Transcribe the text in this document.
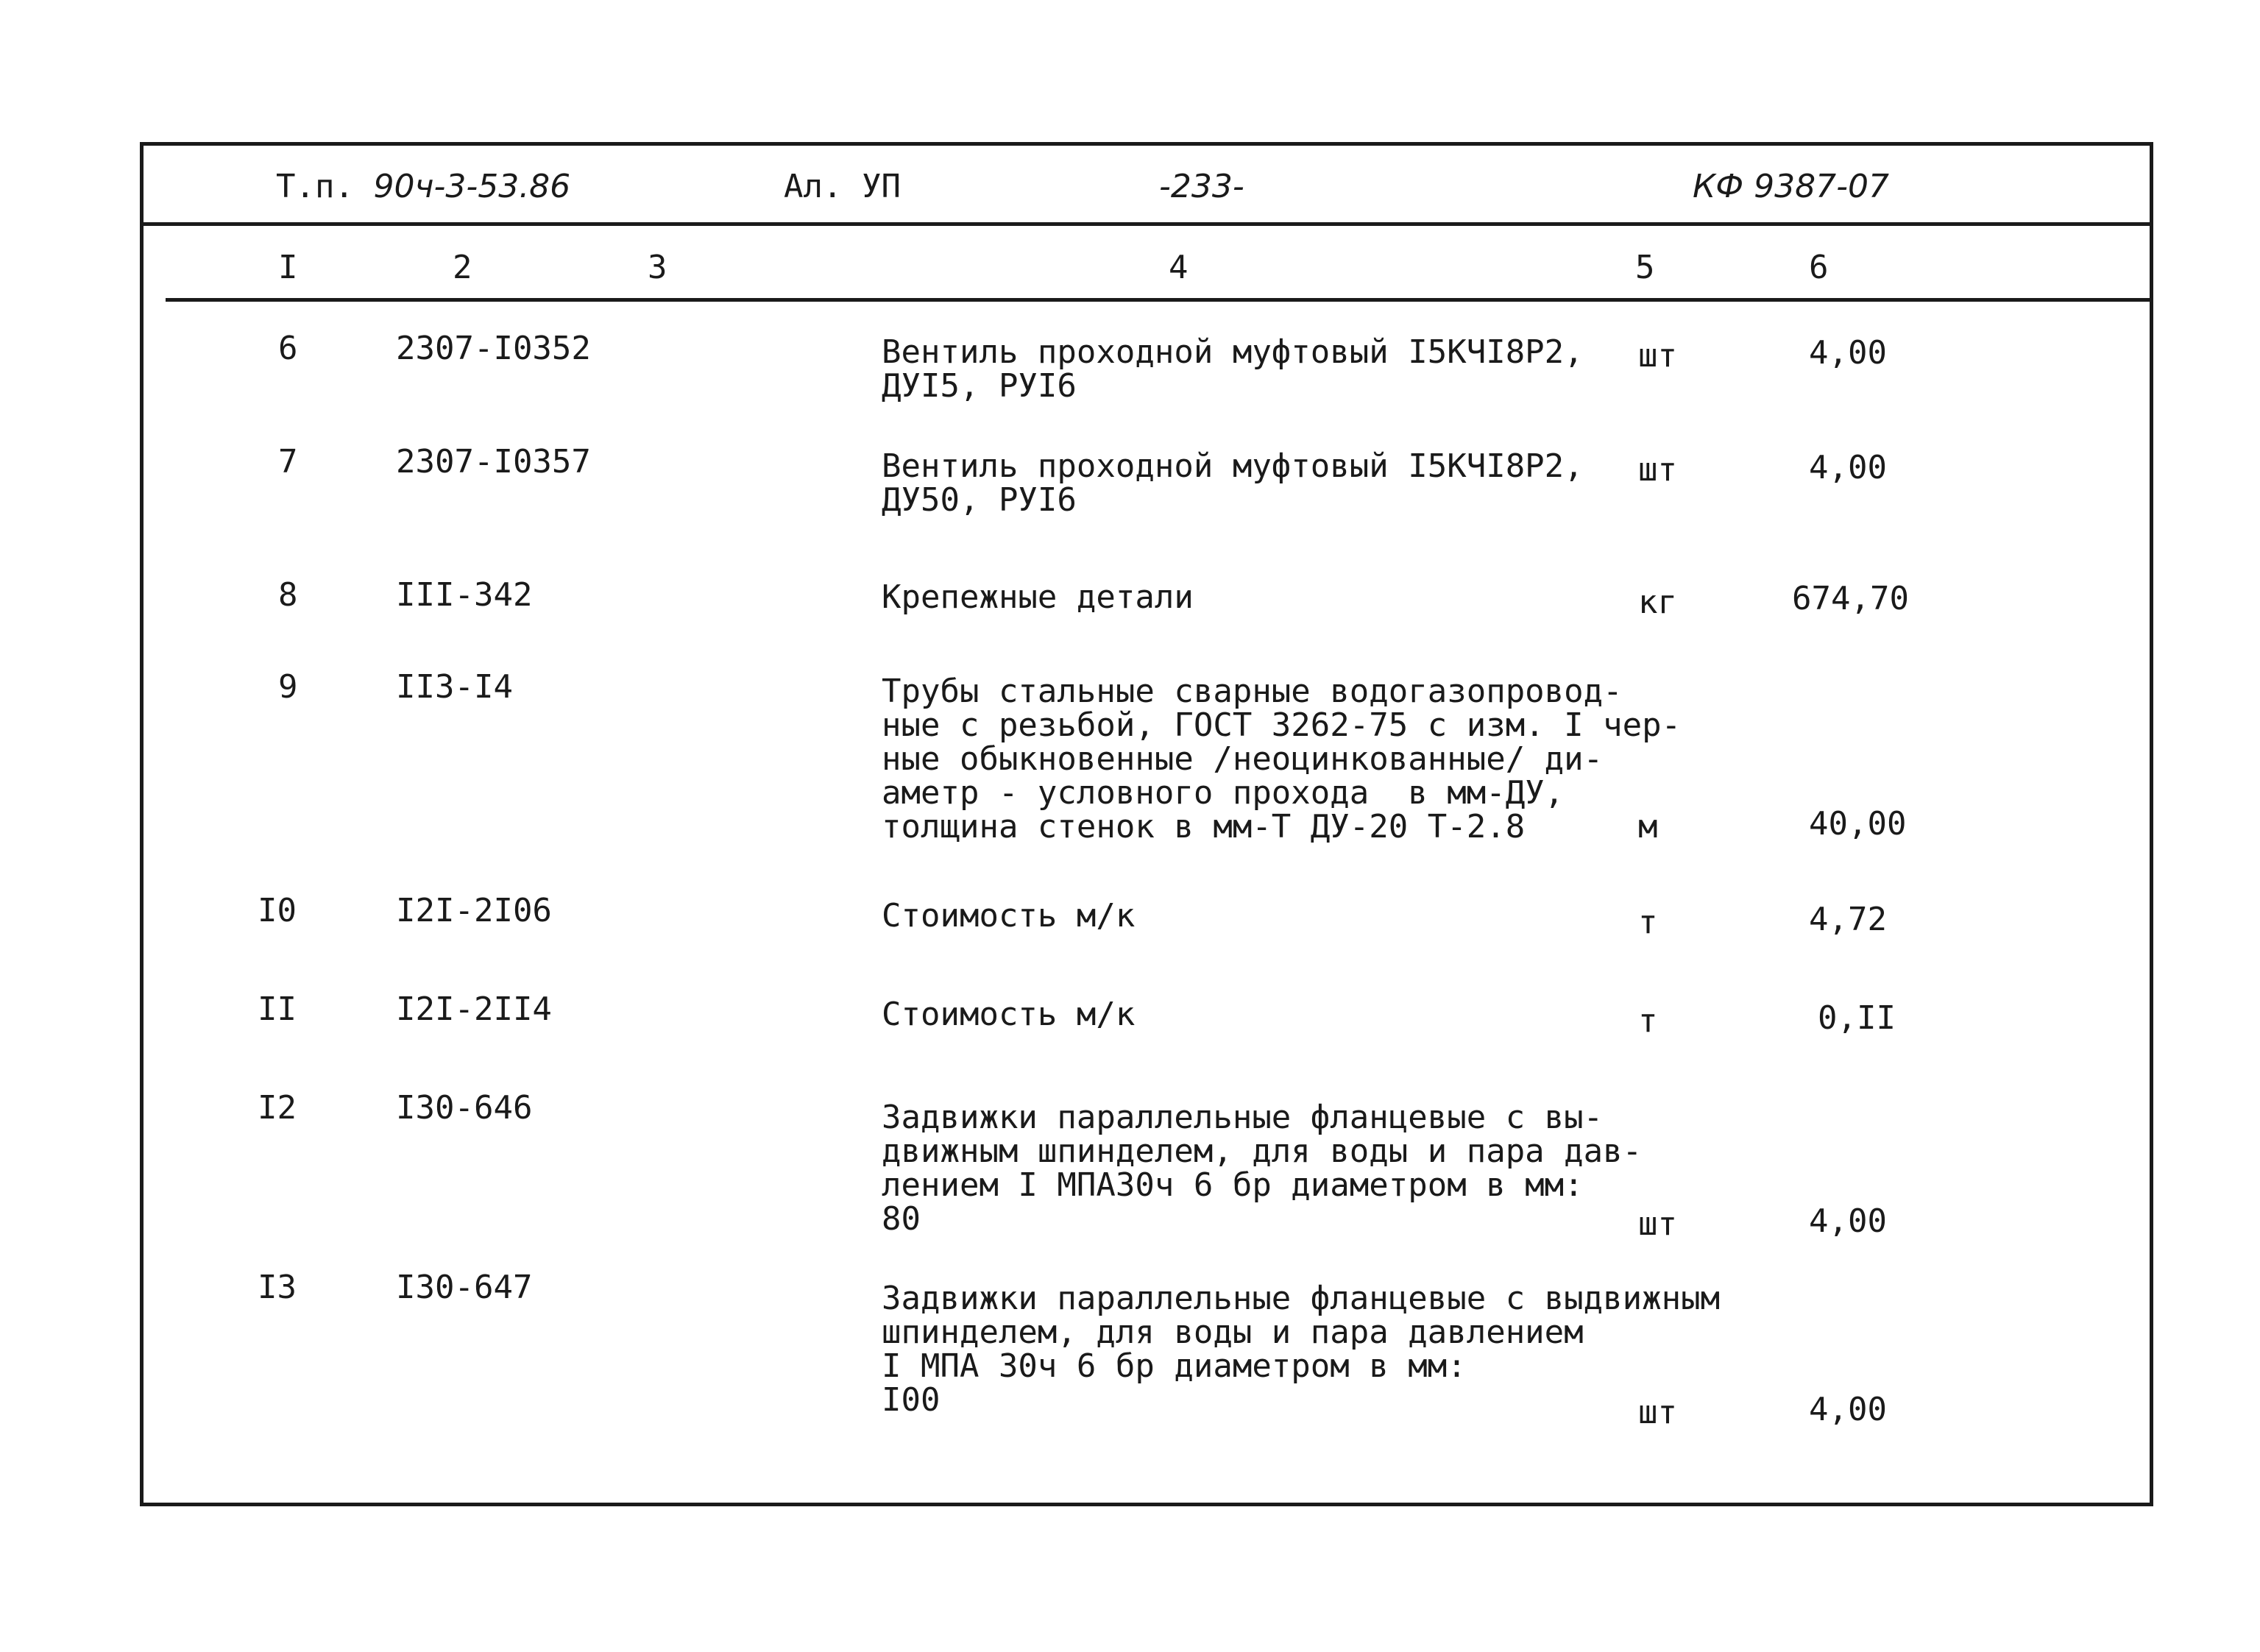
Т.п. 90ч-3-53.86	Ал. УП	-233-	КФ 9387-07
I	2	3	4	5	6
6	2307-I0352	Вентиль проходной муфтовый I5КЧI8Р2,
ДУI5, РУI6
шт	4,00
7	2307-I0357	Вентиль проходной муфтовый I5КЧI8Р2,
ДУ50, РУI6
шт	4,00
8	III-342	Крепежные детали	кг	674,70
9	II3-I4	Трубы стальные сварные водогазопровод-
ные с резьбой, ГОСТ 3262-75 с изм. I чер-
ные обыкновенные /неоцинкованные/ ди-
аметр - условного прохода  в мм-ДУ,
толщина стенок в мм-Т ДУ-20 Т-2.8	м	40,00
I0	I2I-2I06	Стоимость м/к	т	4,72
II	I2I-2II4	Стоимость м/к	т	0,II
I2	I30-646	Задвижки параллельные фланцевые с вы-
движным шпинделем, для воды и пара дав-
лением I МПА30ч 6 бр диаметром в мм:
80	шт	4,00
I3	I30-647	Задвижки параллельные фланцевые с выдвижным
шпинделем, для воды и пара давлением
I МПА 30ч 6 бр диаметром в мм:
I00	шт	4,00
